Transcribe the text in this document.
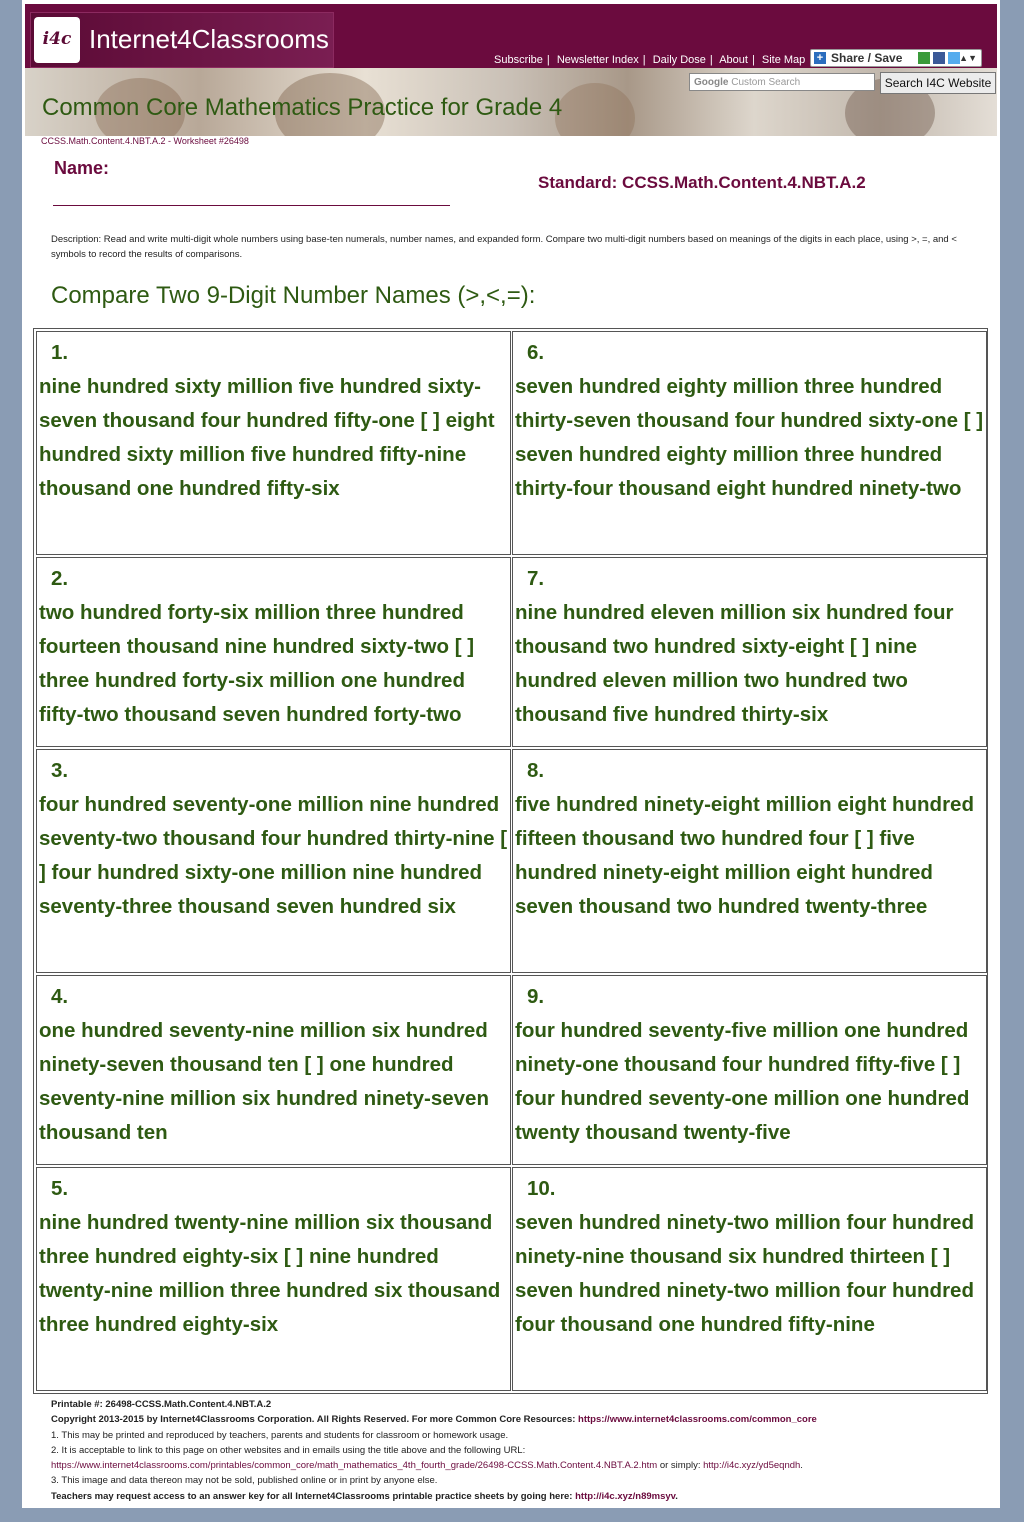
i4c Internet4Classrooms
Subscribe | Newsletter Index | Daily Dose | About | Site Map + Share / Save	▲▼
Google Custom Search	Search I4C Website
Common Core Mathematics Practice for Grade 4
CCSS.Math.Content.4.NBT.A.2 - Worksheet #26498
Name:
Standard: CCSS.Math.Content.4.NBT.A.2
Description: Read and write multi-digit whole numbers using base-ten numerals, number names, and expanded form. Compare two multi-digit numbers based on meanings of the digits in each place, using >, =, and < symbols to record the results of comparisons.
Compare Two 9-Digit Number Names (>,<,=):
1.
nine hundred sixty million five hundred sixty-seven thousand four hundred fifty-one [ ] eight hundred sixty million five hundred fifty-nine thousand one hundred fifty-six
2.
two hundred forty-six million three hundred fourteen thousand nine hundred sixty-two [ ] three hundred forty-six million one hundred fifty-two thousand seven hundred forty-two
3.
four hundred seventy-one million nine hundred seventy-two thousand four hundred thirty-nine [ ] four hundred sixty-one million nine hundred seventy-three thousand seven hundred six
4.
one hundred seventy-nine million six hundred ninety-seven thousand ten [ ] one hundred seventy-nine million six hundred ninety-seven thousand ten
5.
nine hundred twenty-nine million six thousand three hundred eighty-six [ ] nine hundred twenty-nine million three hundred six thousand three hundred eighty-six
6.
seven hundred eighty million three hundred thirty-seven thousand four hundred sixty-one [ ] seven hundred eighty million three hundred thirty-four thousand eight hundred ninety-two
7.
nine hundred eleven million six hundred four thousand two hundred sixty-eight [ ] nine hundred eleven million two hundred two thousand five hundred thirty-six
8.
five hundred ninety-eight million eight hundred fifteen thousand two hundred four [ ] five hundred ninety-eight million eight hundred seven thousand two hundred twenty-three
9.
four hundred seventy-five million one hundred ninety-one thousand four hundred fifty-five [ ] four hundred seventy-one million one hundred twenty thousand twenty-five
10.
seven hundred ninety-two million four hundred ninety-nine thousand six hundred thirteen [ ] seven hundred ninety-two million four hundred four thousand one hundred fifty-nine
Printable #: 26498-CCSS.Math.Content.4.NBT.A.2
Copyright 2013-2015 by Internet4Classrooms Corporation. All Rights Reserved. For more Common Core Resources: https://www.internet4classrooms.com/common_core
1. This may be printed and reproduced by teachers, parents and students for classroom or homework usage.
2. It is acceptable to link to this page on other websites and in emails using the title above and the following URL:
https://www.internet4classrooms.com/printables/common_core/math_mathematics_4th_fourth_grade/26498-CCSS.Math.Content.4.NBT.A.2.htm or simply: http://i4c.xyz/yd5eqndh.
3. This image and data thereon may not be sold, published online or in print by anyone else.
Teachers may request access to an answer key for all Internet4Classrooms printable practice sheets by going here: http://i4c.xyz/n89msyv.
